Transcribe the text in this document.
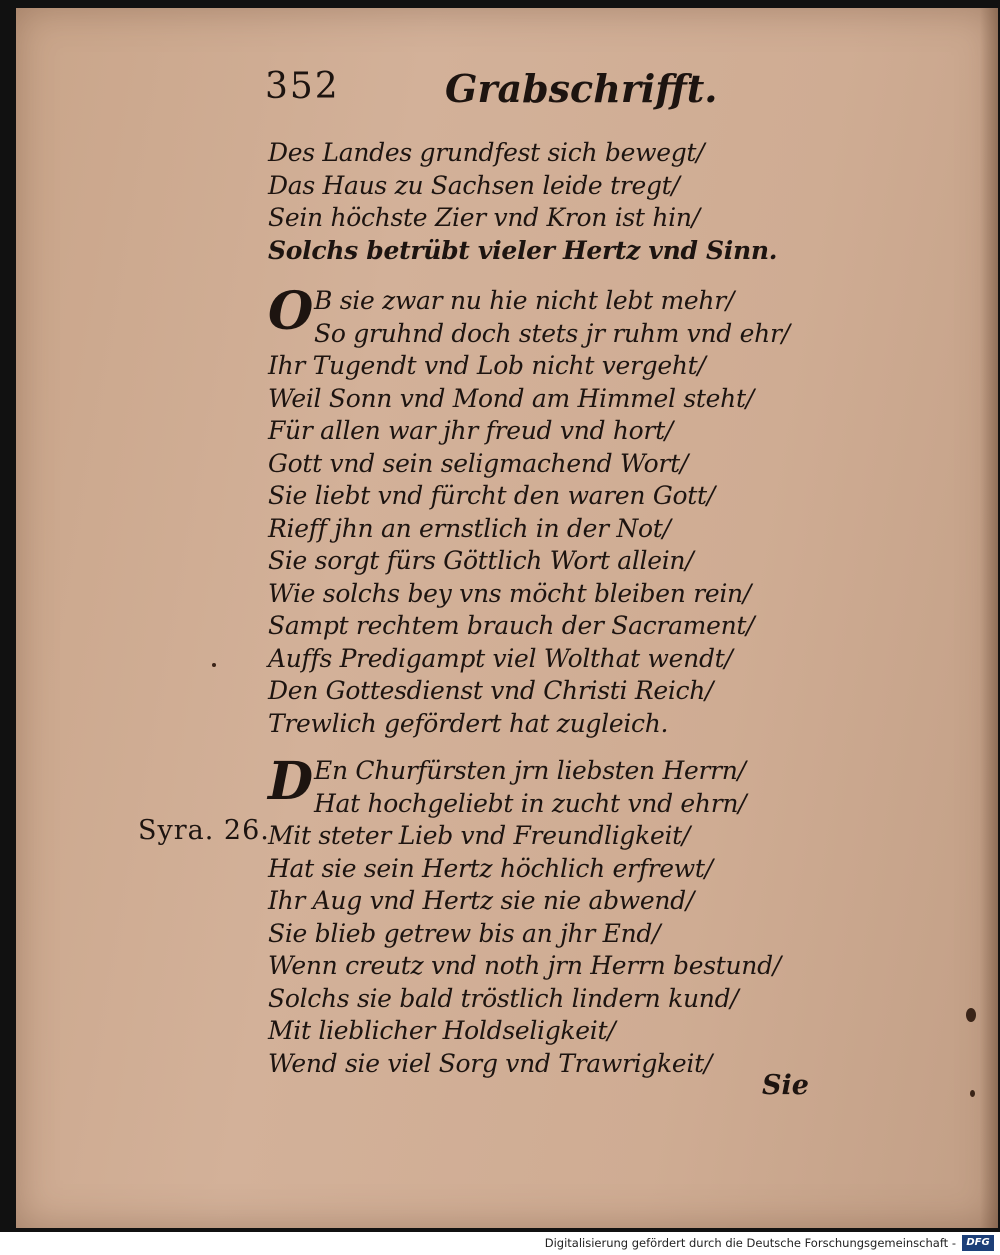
352	Grabschrifft.
Des Landes grundfest sich bewegt/
Das Haus zu Sachsen leide tregt/
Sein höchste Zier vnd Kron ist hin/
Solchs betrübt vieler Hertz vnd Sinn.
O B sie zwar nu hie nicht lebt mehr/
So gruhnd doch stets jr ruhm vnd ehr/
Ihr Tugendt vnd Lob nicht vergeht/
Weil Sonn vnd Mond am Himmel steht/
Für allen war jhr freud vnd hort/
Gott vnd sein seligmachend Wort/
Sie liebt vnd fürcht den waren Gott/
Rieff jhn an ernstlich in der Not/
Sie sorgt fürs Göttlich Wort allein/
Wie solchs bey vns möcht bleiben rein/
Sampt rechtem brauch der Sacrament/
Auffs Predigampt viel Wolthat wendt/
Den Gottesdienst vnd Christi Reich/
Trewlich gefördert hat zugleich.
D En Churfürsten jrn liebsten Herrn/
Hat hochgeliebt in zucht vnd ehrn/
Mit steter Lieb vnd Freundligkeit/
Hat sie sein Hertz höchlich erfrewt/
Ihr Aug vnd Hertz sie nie abwend/
Sie blieb getrew bis an jhr End/
Wenn creutz vnd noth jrn Herrn bestund/
Solchs sie bald tröstlich lindern kund/
Mit lieblicher Holdseligkeit/
Wend sie viel Sorg vnd Trawrigkeit/
Syra. 26.
Sie
Digitalisierung gefördert durch die Deutsche Forschungsgemeinschaft -	DFG
